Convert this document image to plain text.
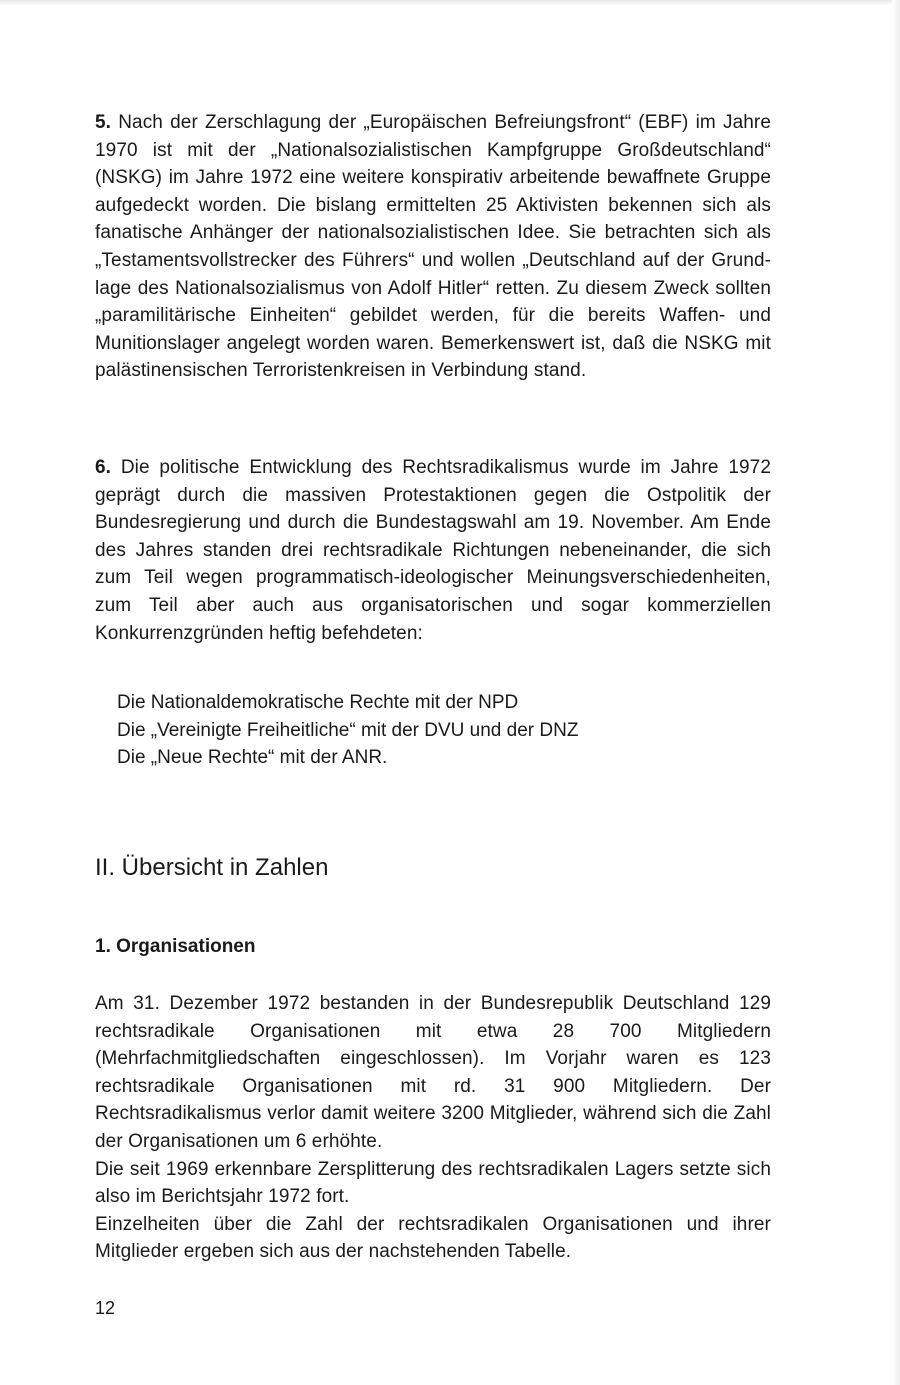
5. Nach der Zerschlagung der „Europäischen Befreiungsfront“ (EBF) im Jahre 1970 ist mit der „Nationalsozialistischen Kampfgruppe Großdeutschland“ (NSKG) im Jahre 1972 eine weitere konspirativ arbeitende bewaffnete Gruppe aufgedeckt worden. Die bislang ermittelten 25 Aktivisten bekennen sich als fanatische Anhänger der nationalsozialistischen Idee. Sie betrachten sich als „Testamentsvollstrecker des Führers“ und wollen „Deutschland auf der Grundlage des Nationalsozialismus von Adolf Hitler“ retten. Zu diesem Zweck sollten „paramilitärische Einheiten“ gebildet werden, für die bereits Waffen- und Munitionslager angelegt worden waren. Bemerkenswert ist, daß die NSKG mit palästinensischen Terroristenkreisen in Verbindung stand.

6. Die politische Entwicklung des Rechtsradikalismus wurde im Jahre 1972 geprägt durch die massiven Protestaktionen gegen die Ostpolitik der Bundesregierung und durch die Bundestagswahl am 19. November. Am Ende des Jahres standen drei rechtsradikale Richtungen nebeneinander, die sich zum Teil wegen programmatisch-ideologischer Meinungsverschiedenheiten, zum Teil aber auch aus organisatorischen und sogar kommerziellen Konkurrenzgründen heftig befehdeten:

Die Nationaldemokratische Rechte mit der NPD
Die „Vereinigte Freiheitliche“ mit der DVU und der DNZ
Die „Neue Rechte“ mit der ANR.
II. Übersicht in Zahlen
1. Organisationen

Am 31. Dezember 1972 bestanden in der Bundesrepublik Deutschland 129 rechtsradikale Organisationen mit etwa 28 700 Mitgliedern (Mehrfachmitgliedschaften eingeschlossen). Im Vorjahr waren es 123 rechtsradikale Organisationen mit rd. 31 900 Mitgliedern. Der Rechtsradikalismus verlor damit weitere 3200 Mitglieder, während sich die Zahl der Organisationen um 6 erhöhte.

Die seit 1969 erkennbare Zersplitterung des rechtsradikalen Lagers setzte sich also im Berichtsjahr 1972 fort.

Einzelheiten über die Zahl der rechtsradikalen Organisationen und ihrer Mitglieder ergeben sich aus der nachstehenden Tabelle.

12
